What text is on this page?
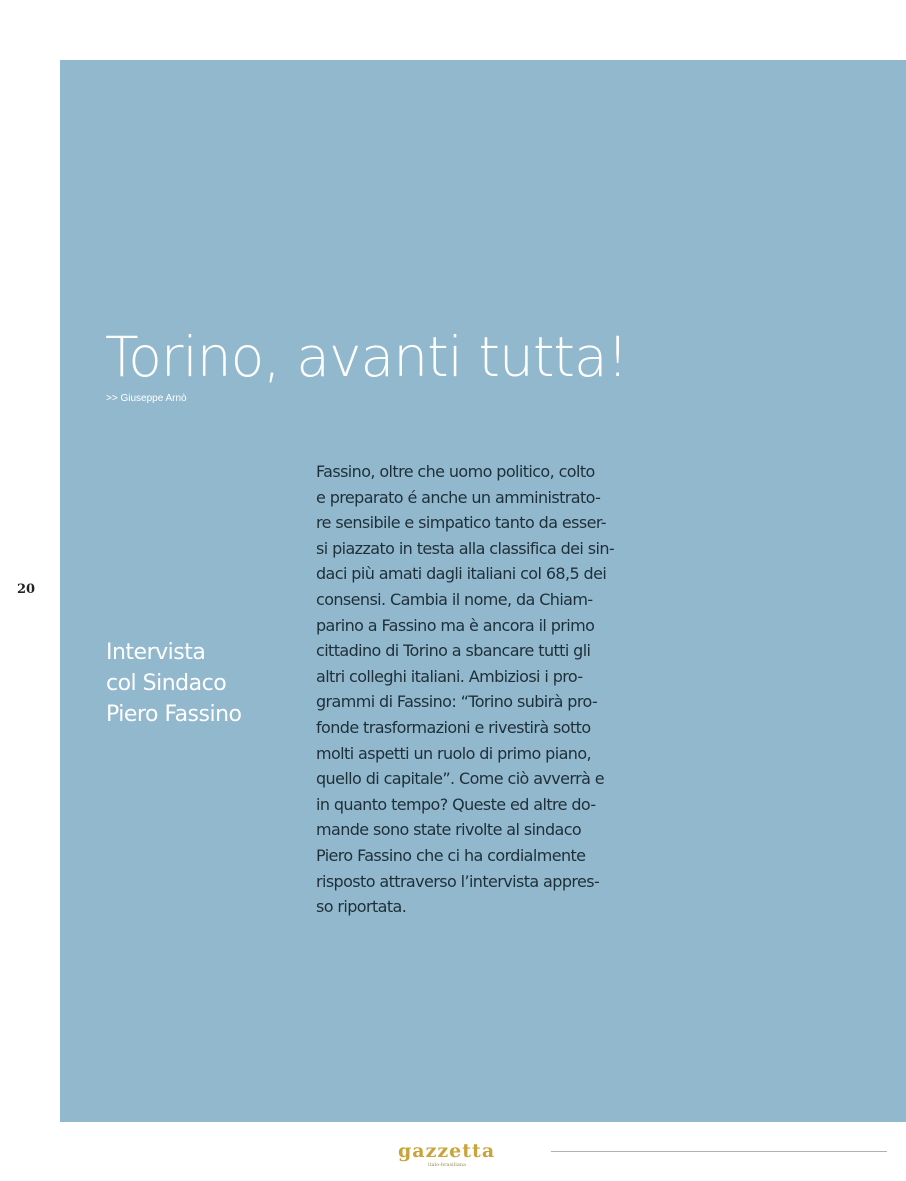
Torino, avanti tutta!
>> Giuseppe Arnò
20
Intervista
col Sindaco
Piero Fassino
Fassino, oltre che uomo politico, colto
e preparato é anche un amministrato-
re sensibile e simpatico tanto da esser-
si piazzato in testa alla classifica dei sin-
daci più amati dagli italiani col 68,5 dei
consensi. Cambia il nome, da Chiam-
parino a Fassino ma è ancora il primo
cittadino di Torino a sbancare tutti gli
altri colleghi italiani. Ambiziosi i pro-
grammi di Fassino: “Torino subirà pro-
fonde trasformazioni e rivestirà sotto
molti aspetti un ruolo di primo piano,
quello di capitale”. Come ciò avverrà e
in quanto tempo? Queste ed altre do-
mande sono state rivolte al sindaco
Piero Fassino che ci ha cordialmente
risposto attraverso l’intervista appres-
so riportata.
gazzetta
italo-brasiliana
